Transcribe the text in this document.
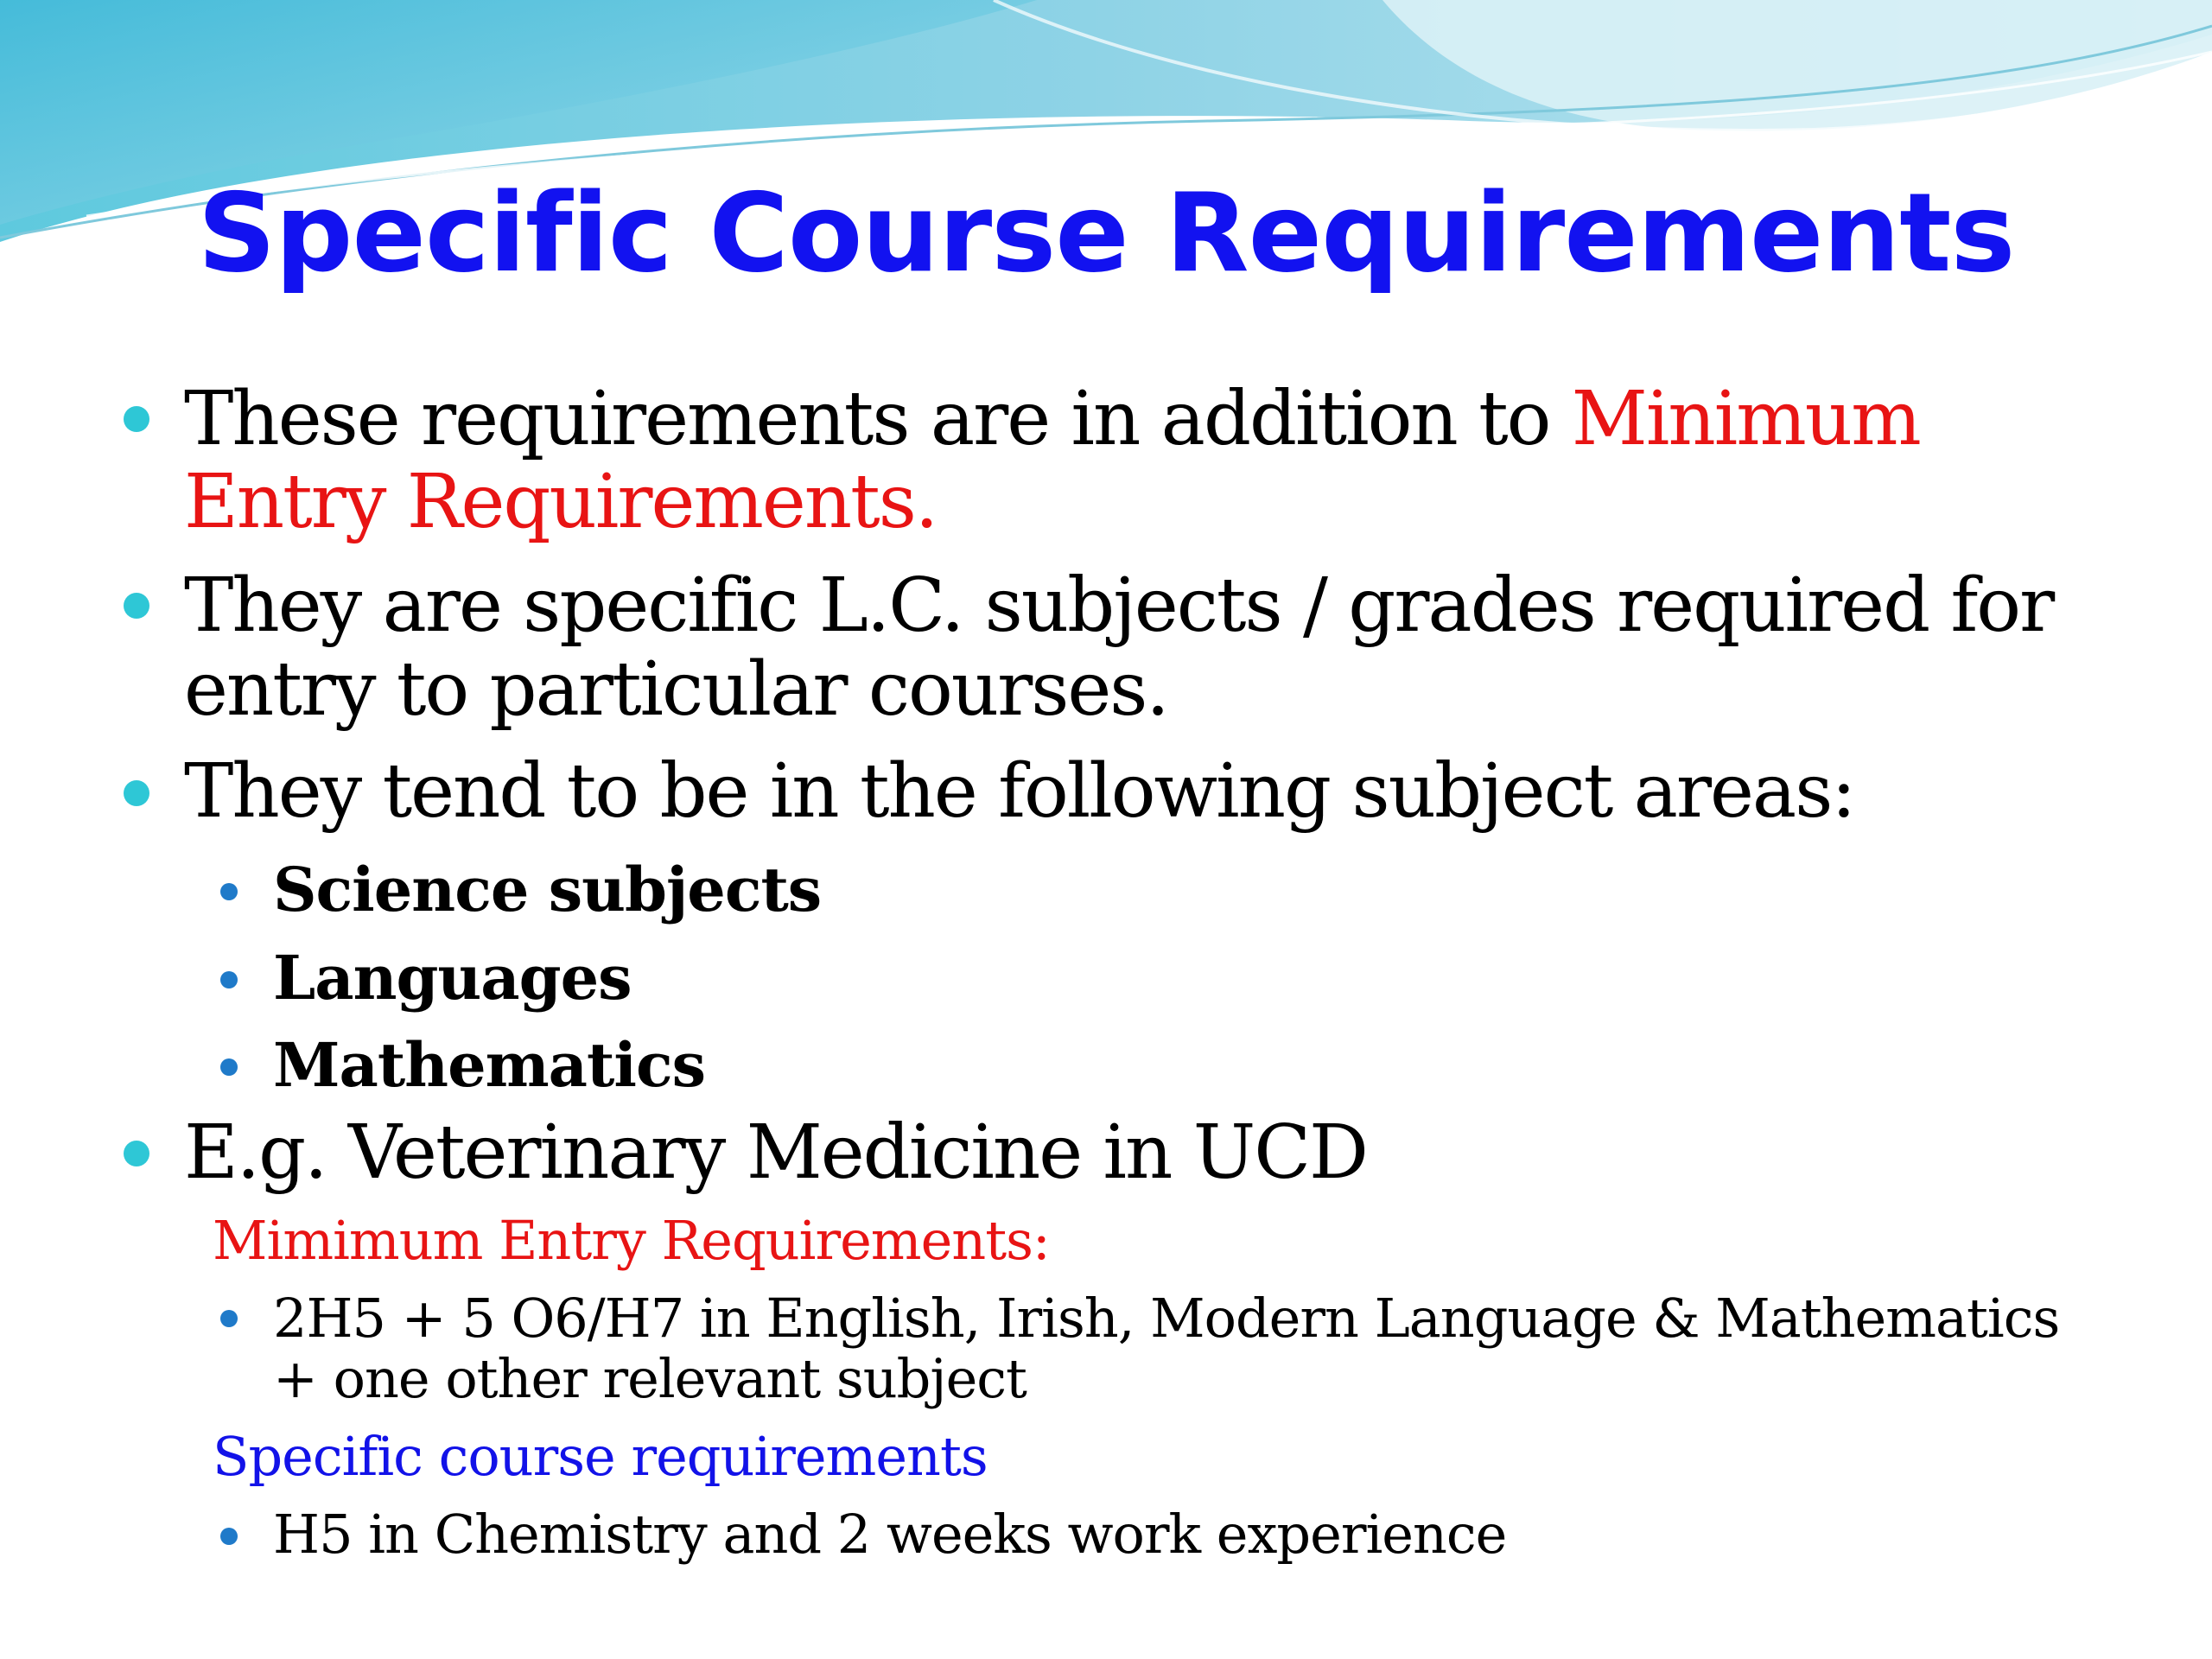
Specific Course Requirements
These requirements are in addition to Minimum
Entry Requirements.
They are specific L.C. subjects / grades required for
entry to particular courses.
They tend to be in the following subject areas:
Science subjects
Languages
Mathematics
E.g. Veterinary Medicine in UCD
Mimimum Entry Requirements:
2H5 + 5 O6/H7 in English, Irish, Modern Language & Mathematics
+ one other relevant subject
Specific course requirements
H5 in Chemistry and 2 weeks work experience
